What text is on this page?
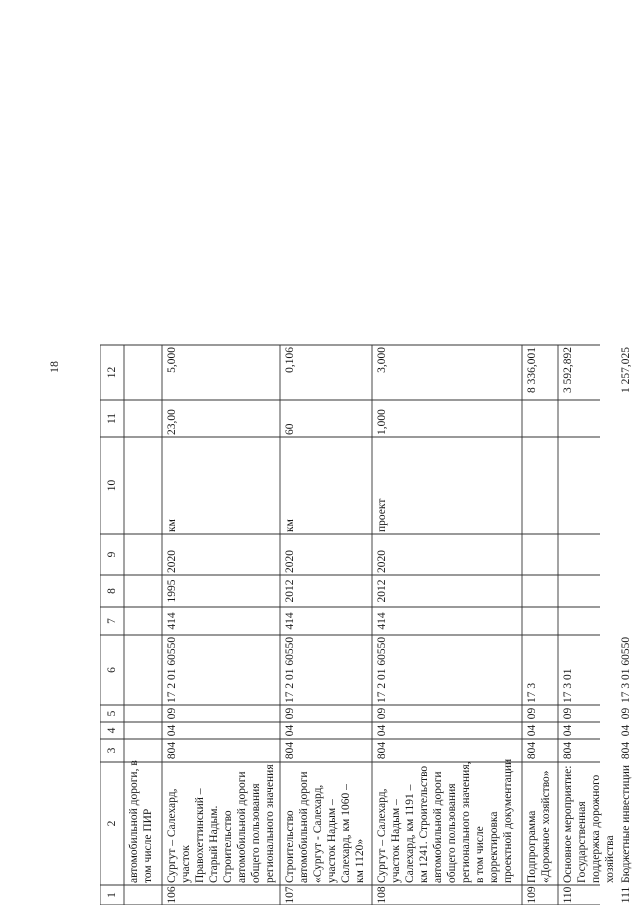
18
1
2
3
4
5
6
7
8
9
10
11
12
автомобильной дороги, в
том числе ПИР
106
Сургут – Салехард,
участок
Правохеттинский –
Старый Надым.
Строительство
автомобильной дороги
общего пользования
регионального значения
804
04
09
17 2 01 60550
414
1995
2020
км
23,00
5,000
107
Строительство
автомобильной дороги
«Сургут - Салехард,
участок Надым –
Салехард, км 1060 –
км 1120»
804
04
09
17 2 01 60550
414
2012
2020
км
60
0,106
108
Сургут – Салехард,
участок Надым –
Салехард, км 1191 –
км 1241. Строительство
автомобильной дороги
общего пользования
регионального значения,
в том числе
корректировка
проектной документации
804
04
09
17 2 01 60550
414
2012
2020
проект
1,000
3,000
109
Подпрограмма
«Дорожное хозяйство»
804
04
09
17 3
8 336,001
110
Основное мероприятие:
Государственная
поддержка дорожного
хозяйства
804
04
09
17 3 01
3 592,892
111
Бюджетные инвестиции
804
04
09
17 3 01 60550
1 257,025
